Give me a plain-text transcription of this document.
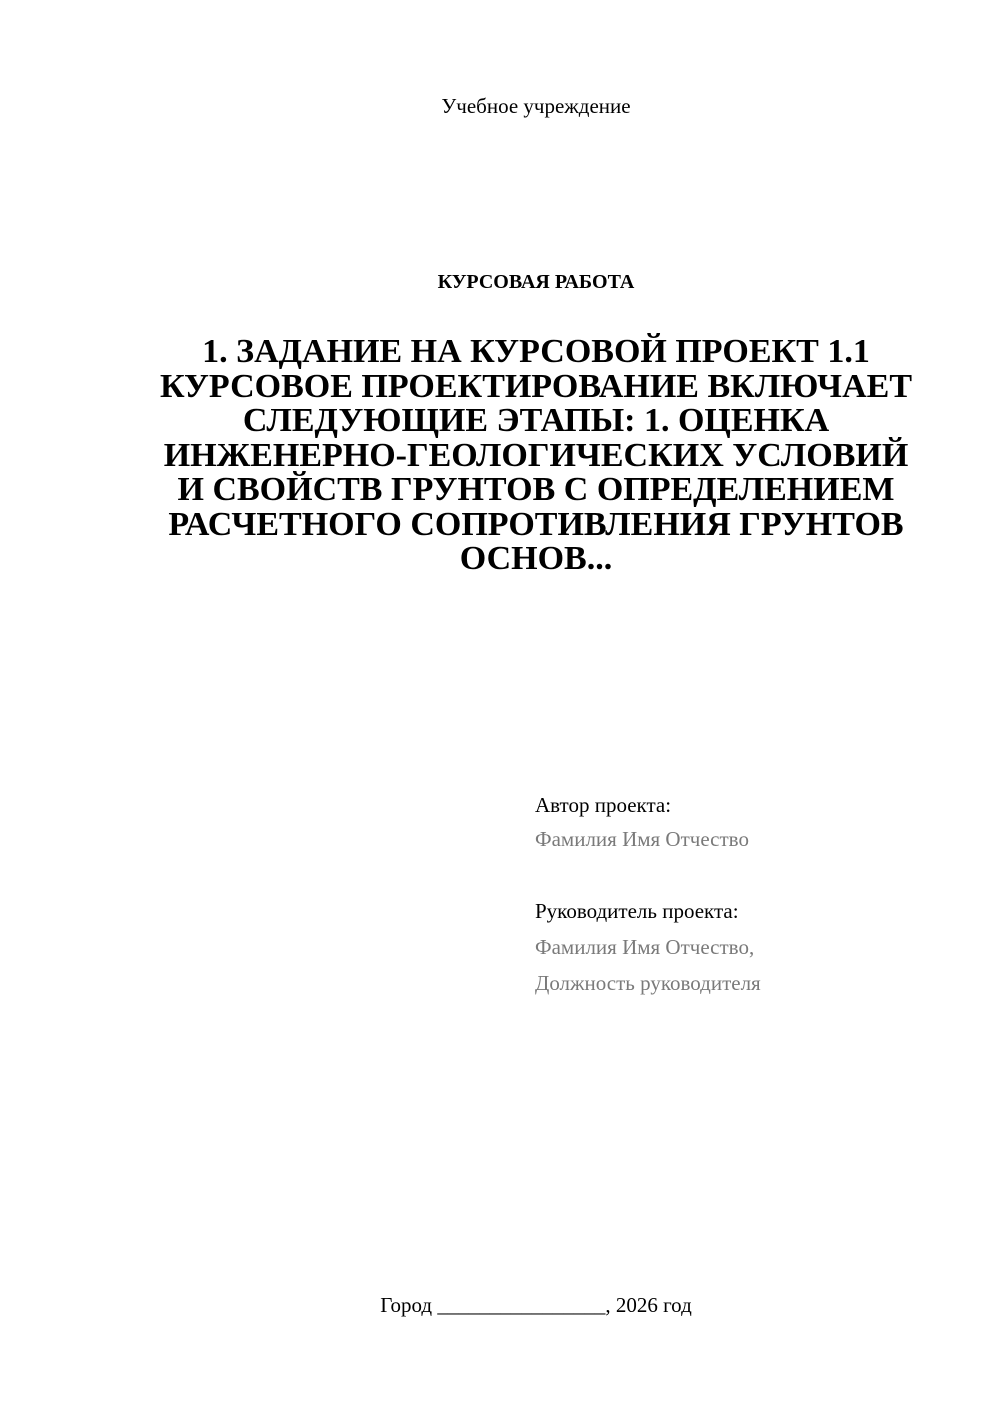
Учебное учреждение
КУРСОВАЯ РАБОТА
1. ЗАДАНИЕ НА КУРСОВОЙ ПРОЕКТ 1.1 КУРСОВОЕ ПРОЕКТИРОВАНИЕ ВКЛЮЧАЕТ СЛЕДУЮЩИЕ ЭТАПЫ: 1. ОЦЕНКА ИНЖЕНЕРНО-ГЕОЛОГИЧЕСКИХ УСЛОВИЙ И СВОЙСТВ ГРУНТОВ С ОПРЕДЕЛЕНИЕМ РАСЧЕТНОГО СОПРОТИВЛЕНИЯ ГРУНТОВ ОСНОВ...
Автор проекта:
Фамилия Имя Отчество
Руководитель проекта:
Фамилия Имя Отчество,
Должность руководителя
Город ________________, 2026 год
